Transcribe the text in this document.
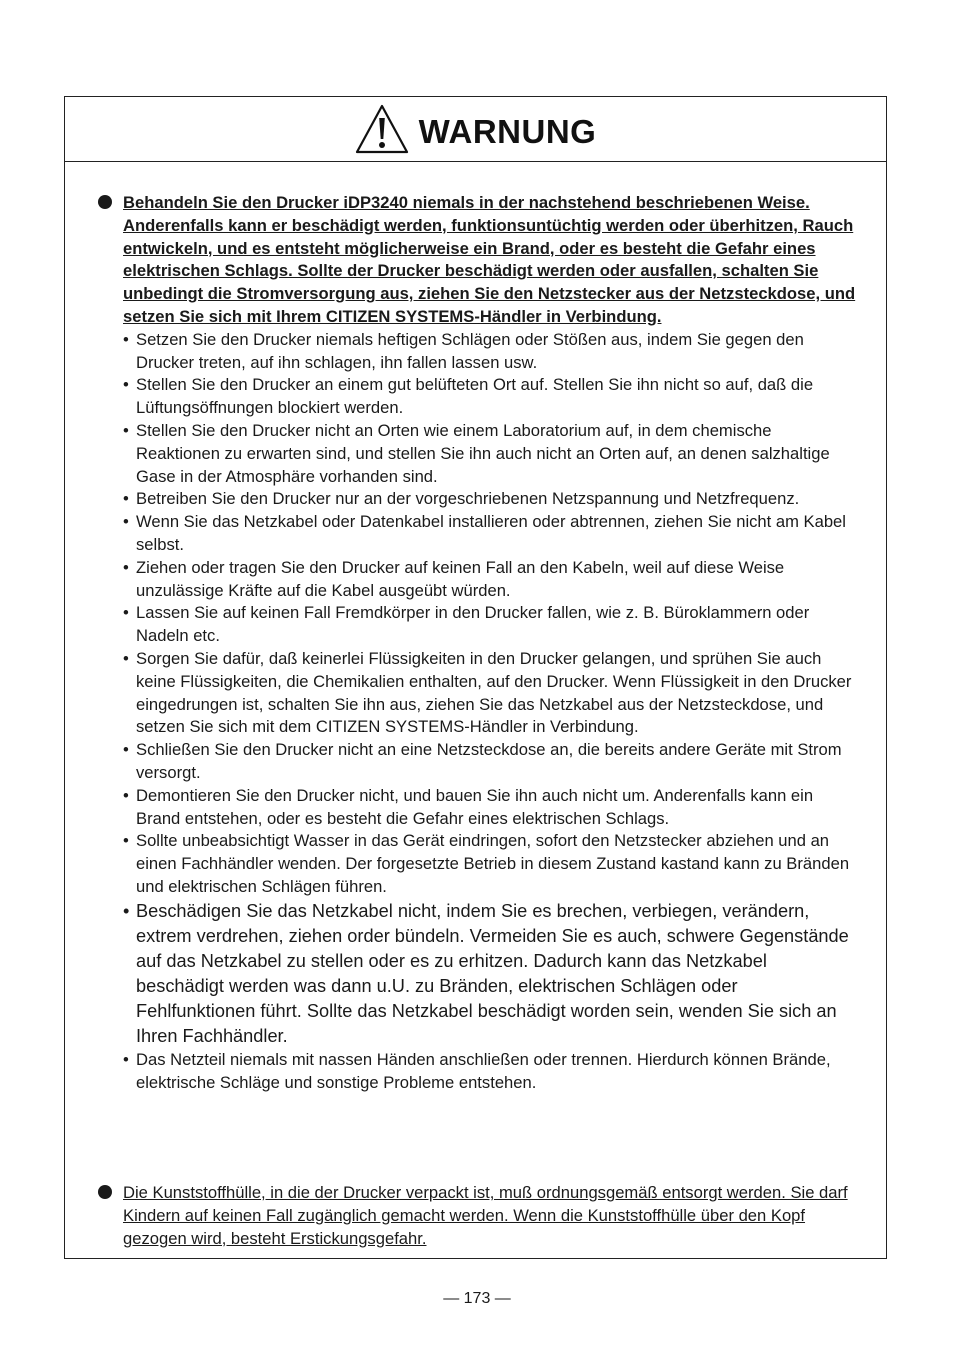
WARNUNG

Behandeln Sie den Drucker iDP3240 niemals in der nachstehend beschriebenen Weise. Anderenfalls kann er beschädigt werden, funktionsuntüchtig werden oder überhitzen, Rauch entwickeln, und es entsteht möglicherweise ein Brand, oder es besteht die Gefahr eines elektrischen Schlags. Sollte der Drucker beschädigt werden oder ausfallen, schalten Sie unbedingt die Stromversorgung aus, ziehen Sie den Netzstecker aus der Netzsteckdose, und setzen Sie sich mit Ihrem CITIZEN SYSTEMS-Händler in Verbindung.

• Setzen Sie den Drucker niemals heftigen Schlägen oder Stößen aus, indem Sie gegen den Drucker treten, auf ihn schlagen, ihn fallen lassen usw.
• Stellen Sie den Drucker an einem gut belüfteten Ort auf. Stellen Sie ihn nicht so auf, daß die Lüftungsöffnungen blockiert werden.
• Stellen Sie den Drucker nicht an Orten wie einem Laboratorium auf, in dem chemische Reaktionen zu erwarten sind, und stellen Sie ihn auch nicht an Orten auf, an denen salzhaltige Gase in der Atmosphäre vorhanden sind.
• Betreiben Sie den Drucker nur an der vorgeschriebenen Netzspannung und Netzfrequenz.
• Wenn Sie das Netzkabel oder Datenkabel installieren oder abtrennen, ziehen Sie nicht am Kabel selbst.
• Ziehen oder tragen Sie den Drucker auf keinen Fall an den Kabeln, weil auf diese Weise unzulässige Kräfte auf die Kabel ausgeübt würden.
• Lassen Sie auf keinen Fall Fremdkörper in den Drucker fallen, wie z. B. Büroklammern oder Nadeln etc.
• Sorgen Sie dafür, daß keinerlei Flüssigkeiten in den Drucker gelangen, und sprühen Sie auch keine Flüssigkeiten, die Chemikalien enthalten, auf den Drucker. Wenn Flüssigkeit in den Drucker eingedrungen ist, schalten Sie ihn aus, ziehen Sie das Netzkabel aus der Netzsteckdose, und setzen Sie sich mit dem CITIZEN SYSTEMS-Händler in Verbindung.
• Schließen Sie den Drucker nicht an eine Netzsteckdose an, die bereits andere Geräte mit Strom versorgt.
• Demontieren Sie den Drucker nicht, und bauen Sie ihn auch nicht um. Anderenfalls kann ein Brand entstehen, oder es besteht die Gefahr eines elektrischen Schlags.
• Sollte unbeabsichtigt Wasser in das Gerät eindringen, sofort den Netzstecker abziehen und an einen Fachhändler wenden. Der forgesetzte Betrieb in diesem Zustand kastand kann zu Bränden und elektrischen Schlägen führen.
• Beschädigen Sie das Netzkabel nicht, indem Sie es brechen, verbiegen, verändern, extrem verdrehen, ziehen order bündeln. Vermeiden Sie es auch, schwere Gegenstände auf das Netzkabel zu stellen oder es zu erhitzen. Dadurch kann das Netzkabel beschädigt werden was dann u.U. zu Bränden, elektrischen Schlägen oder Fehlfunktionen führt. Sollte das Netzkabel beschädigt worden sein, wenden Sie sich an Ihren Fachhändler.
• Das Netzteil niemals mit nassen Händen anschließen oder trennen. Hierdurch können Brände, elektrische Schläge und sonstige Probleme entstehen.

Die Kunststoffhülle, in die der Drucker verpackt ist, muß ordnungsgemäß entsorgt werden. Sie darf Kindern auf keinen Fall zugänglich gemacht werden. Wenn die Kunststoffhülle über den Kopf gezogen wird, besteht Erstickungsgefahr.

— 173 —
